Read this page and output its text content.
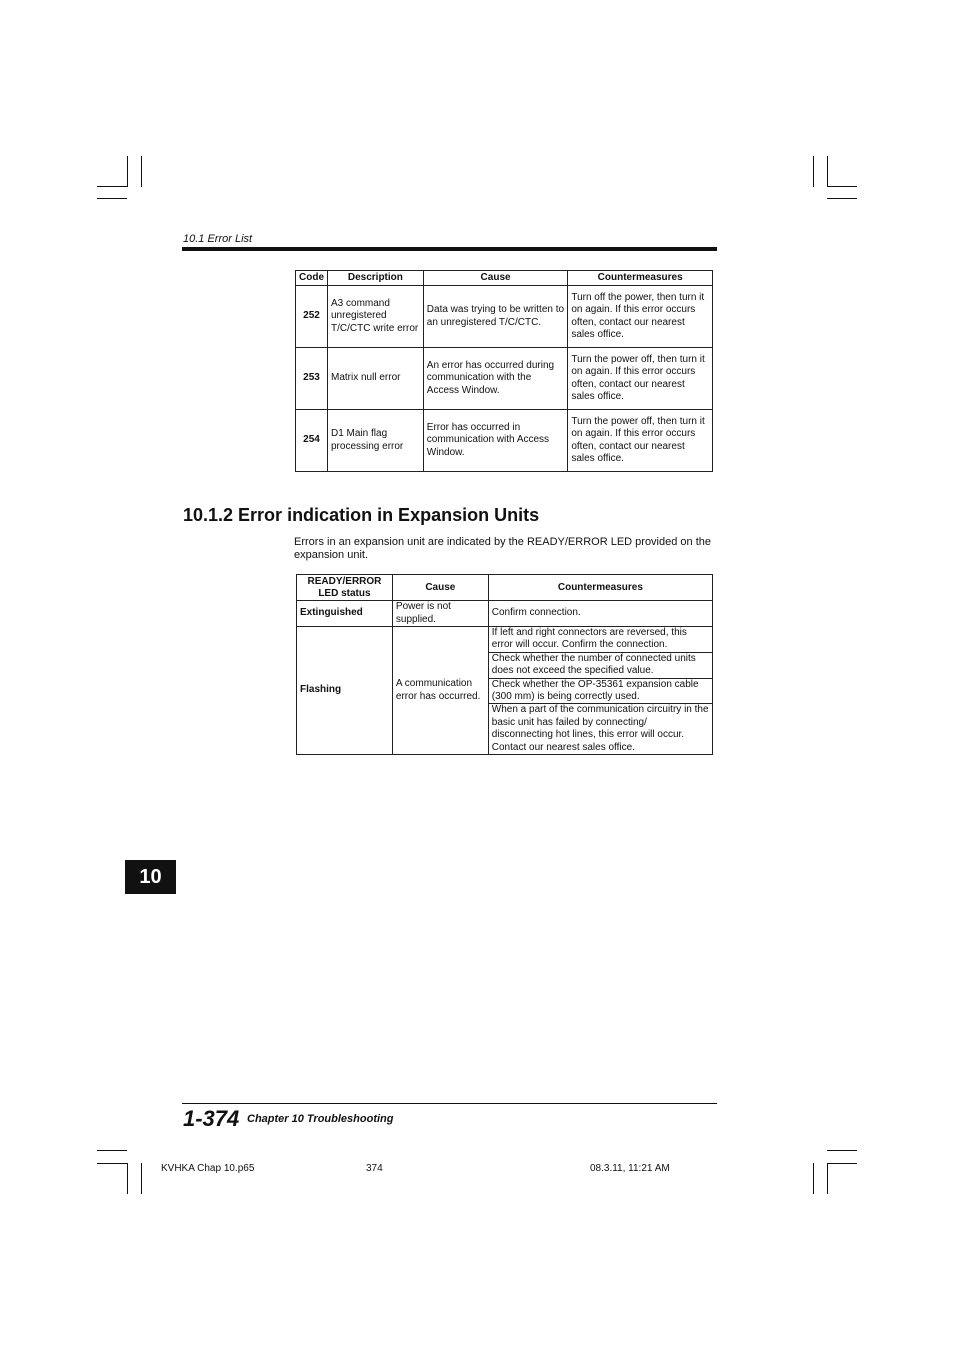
10.1 Error List
Code	Description	Cause	Countermeasures
252	A3 command unregistered T/C/CTC write error	Data was trying to be written to an unregistered T/C/CTC.	Turn off the power, then turn it on again. If this error occurs often, contact our nearest sales office.
253	Matrix null error	An error has occurred during communication with the Access Window.	Turn the power off, then turn it on again. If this error occurs often, contact our nearest sales office.
254	D1 Main flag processing error	Error has occurred in communication with Access Window.	Turn the power off, then turn it on again. If this error occurs often, contact our nearest sales office.
10.1.2 Error indication in Expansion Units
Errors in an expansion unit are indicated by the READY/ERROR LED provided on the expansion unit.
READY/ERROR LED status	Cause	Countermeasures
Extinguished	Power is not supplied.	Confirm connection.
Flashing	A communication error has occurred.	If left and right connectors are reversed, this error will occur. Confirm the connection.
		Check whether the number of connected units does not exceed the specified value.
		Check whether the OP-35361 expansion cable (300 mm) is being correctly used.
		When a part of the communication circuitry in the basic unit has failed by connecting/ disconnecting hot lines, this error will occur. Contact our nearest sales office.
10
1-374 Chapter 10 Troubleshooting
KVHKA Chap 10.p65	374	08.3.11, 11:21 AM
